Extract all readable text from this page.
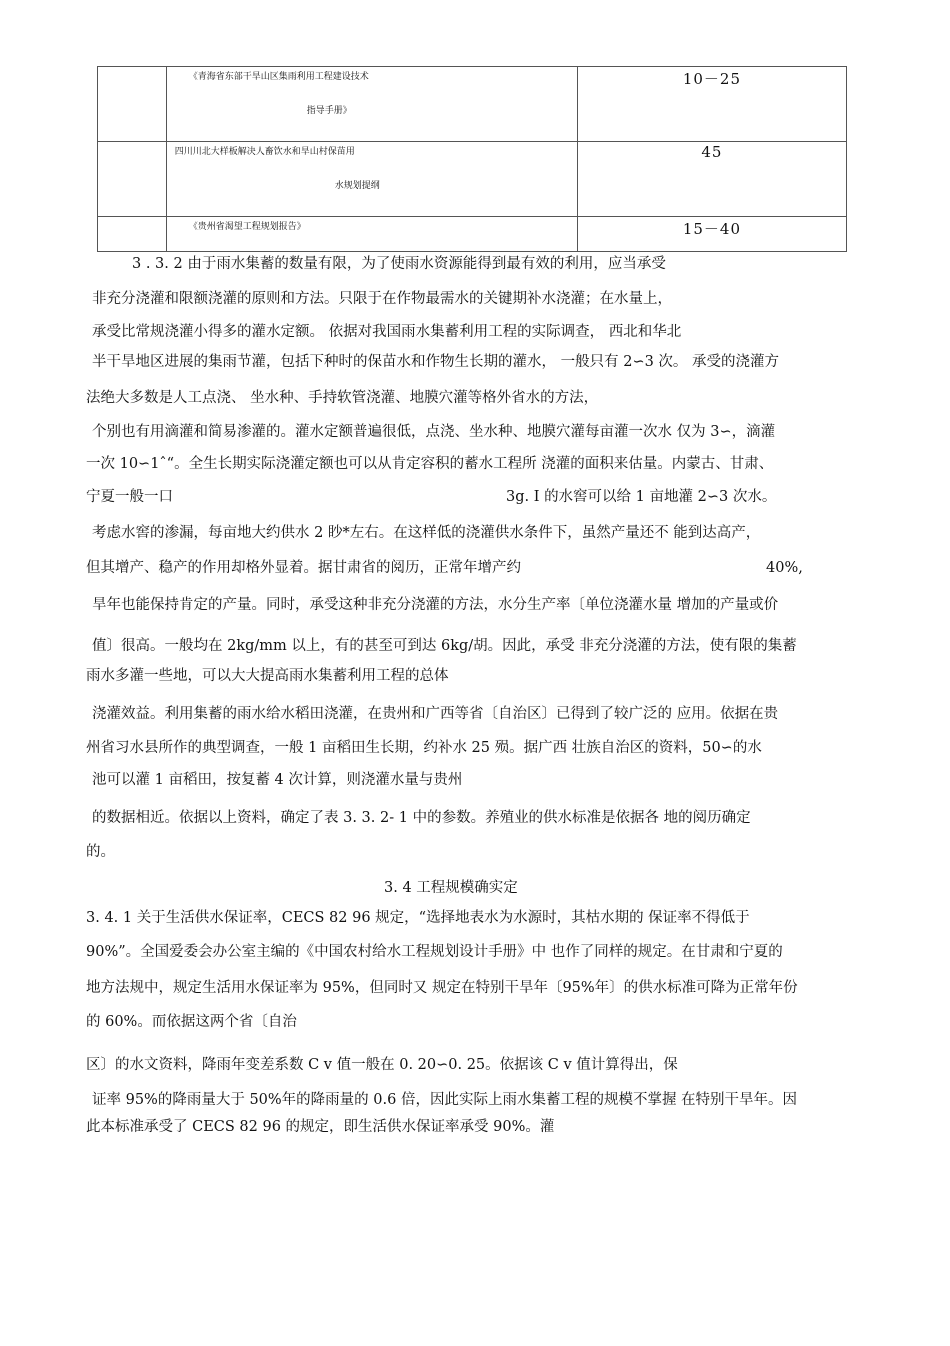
	《青海省东部干旱山区集雨利用工程建设技术
指导手册》	10－25

	四川川北大样板解决人畜饮水和旱山村保苗用
水规划提纲	45

	《贵州省渴望工程规划报告》	15－40
3 . 3. 2 由于雨水集蓄的数量有限，为了使雨水资源能得到最有效的利用，应当承受
非充分浇灌和限额浇灌的原则和方法。只限于在作物最需水的关键期补水浇灌；在水量上，
承受比常规浇灌小得多的灌水定额。 依据对我国雨水集蓄利用工程的实际调查， 西北和华北
半干旱地区进展的集雨节灌，包括下种时的保苗水和作物生长期的灌水， 一般只有 2∽3 次。 承受的浇灌方
法绝大多数是人工点浇、 坐水种、手持软管浇灌、地膜穴灌等格外省水的方法，
个别也有用滴灌和简易渗灌的。灌水定额普遍很低，点浇、坐水种、地膜穴灌每亩灌一次水 仅为 3∽，滴灌
一次 10∽1ˆ“。全生长期实际浇灌定额也可以从肯定容积的蓄水工程所 浇灌的面积来估量。内蒙古、甘肃、
宁夏一般一口	3g. I 的水窖可以给 1 亩地灌 2∽3 次水。
考虑水窖的渗漏，每亩地大约供水 2 眇*左右。在这样低的浇灌供水条件下，虽然产量还不 能到达高产，
但其增产、稳产的作用却格外显着。据甘肃省的阅历，正常年增产约	40%,
旱年也能保持肯定的产量。同时，承受这种非充分浇灌的方法，水分生产率〔单位浇灌水量 增加的产量或价
值〕很高。一般均在 2kg/mm 以上，有的甚至可到达 6kg/胡。因此，承受 非充分浇灌的方法，使有限的集蓄
雨水多灌一些地，可以大大提高雨水集蓄利用工程的总体
浇灌效益。利用集蓄的雨水给水稻田浇灌，在贵州和广西等省〔自治区〕已得到了较广泛的 应用。依据在贵
州省习水县所作的典型调查，一般 1 亩稻田生长期，约补水 25 殒。据广西 壮族自治区的资料，50∽的水
池可以灌 1 亩稻田，按复蓄 4 次计算，则浇灌水量与贵州
的数据相近。依据以上资料，确定了表 3. 3. 2- 1 中的参数。养殖业的供水标准是依据各 地的阅历确定
的。
3. 4 工程规模确实定
3. 4. 1 关于生活供水保证率，CECS 82 96 规定，“选择地表水为水源时，其枯水期的 保证率不得低于
90%”。全国爱委会办公室主编的《中国农村给水工程规划设计手册》中 也作了同样的规定。在甘肃和宁夏的
地方法规中，规定生活用水保证率为 95%，但同时又 规定在特别干旱年〔95%年〕的供水标准可降为正常年份
的 60%。而依据这两个省〔自治
区〕的水文资料，降雨年变差系数 C v 值一般在 0. 20∽0. 25。依据该 C v 值计算得出，保
证率 95%的降雨量大于 50%年的降雨量的 0.6 倍，因此实际上雨水集蓄工程的规模不掌握 在特别干旱年。因
此本标准承受了 CECS 82 96 的规定，即生活供水保证率承受 90%。灌
